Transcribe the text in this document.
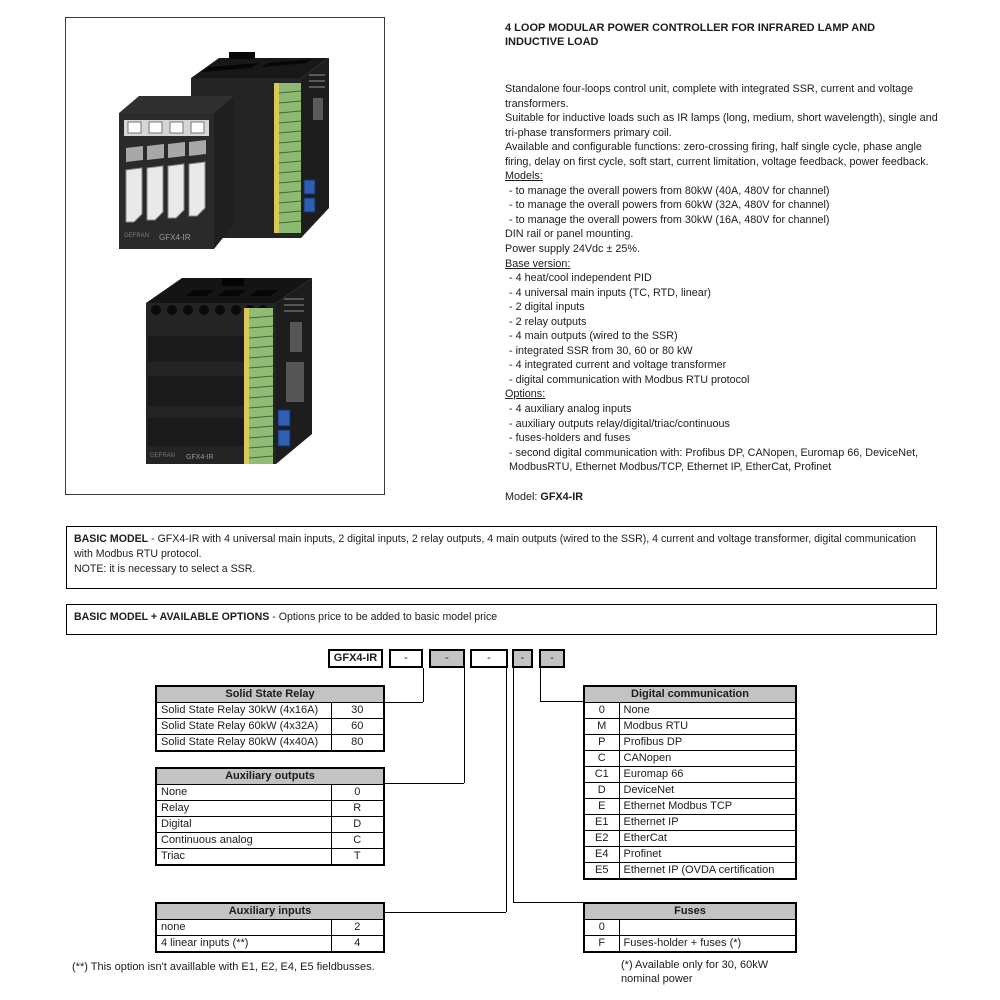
GEFRAN GFX4-IR
GEFRAN GFX4-IR
4 LOOP MODULAR POWER CONTROLLER FOR INFRARED LAMP AND INDUCTIVE LOAD
Standalone four-loops control unit, complete with integrated SSR, current and voltage transformers.
Suitable for inductive loads such as IR lamps (long, medium, short wavelength), single and tri-phase transformers primary coil.
Available and configurable functions: zero-crossing firing, half single cycle, phase angle firing, delay on first cycle, soft start, current limitation, voltage feedback, power feedback.
Models:
- to manage the overall powers from 80kW (40A, 480V for channel)
- to manage the overall powers from 60kW (32A, 480V for channel)
- to manage the overall powers from 30kW (16A, 480V for channel)
DIN rail or panel mounting.
Power supply 24Vdc ± 25%.
Base version:
- 4 heat/cool independent PID
- 4 universal main inputs (TC, RTD, linear)
- 2 digital inputs
- 2 relay outputs
- 4 main outputs (wired to the SSR)
- integrated SSR from 30, 60 or 80 kW
- 4 integrated current and voltage transformer
- digital communication with Modbus RTU protocol
Options:
- 4 auxiliary analog inputs
- auxiliary outputs relay/digital/triac/continuous
- fuses-holders and fuses
- second digital communication with: Profibus DP, CANopen, Euromap 66, DeviceNet, ModbusRTU, Ethernet Modbus/TCP, Ethernet IP, EtherCat, Profinet
Model: GFX4-IR
BASIC MODEL - GFX4-IR with 4 universal main inputs, 2 digital inputs, 2 relay outputs, 4 main outputs (wired to the SSR), 4 current and voltage transformer, digital communication with Modbus RTU protocol.
NOTE: it is necessary to select a SSR.
BASIC MODEL + AVAILABLE OPTIONS - Options price to be added to basic model price
GFX4-IR	-	-	-	-	-
Solid State Relay	
Solid State Relay 30kW (4x16A)	30
Solid State Relay 60kW (4x32A)	60
Solid State Relay 80kW (4x40A)	80
Auxiliary outputs	
None	0
Relay	R
Digital	D
Continuous analog	C
Triac	T
Auxiliary inputs	
none	2
4 linear inputs (**)	4
Digital communication	
0	None
M	Modbus RTU
P	Profibus DP
C	CANopen
C1	Euromap 66
D	DeviceNet
E	Ethernet Modbus TCP
E1	Ethernet IP
E2	EtherCat
E4	Profinet
E5	Ethernet IP (OVDA certification
Fuses	
0	
F	Fuses-holder + fuses (*)
(**) This option isn't availlable with E1, E2, E4, E5 fieldbusses.	(*) Available only for 30, 60kW nominal power
